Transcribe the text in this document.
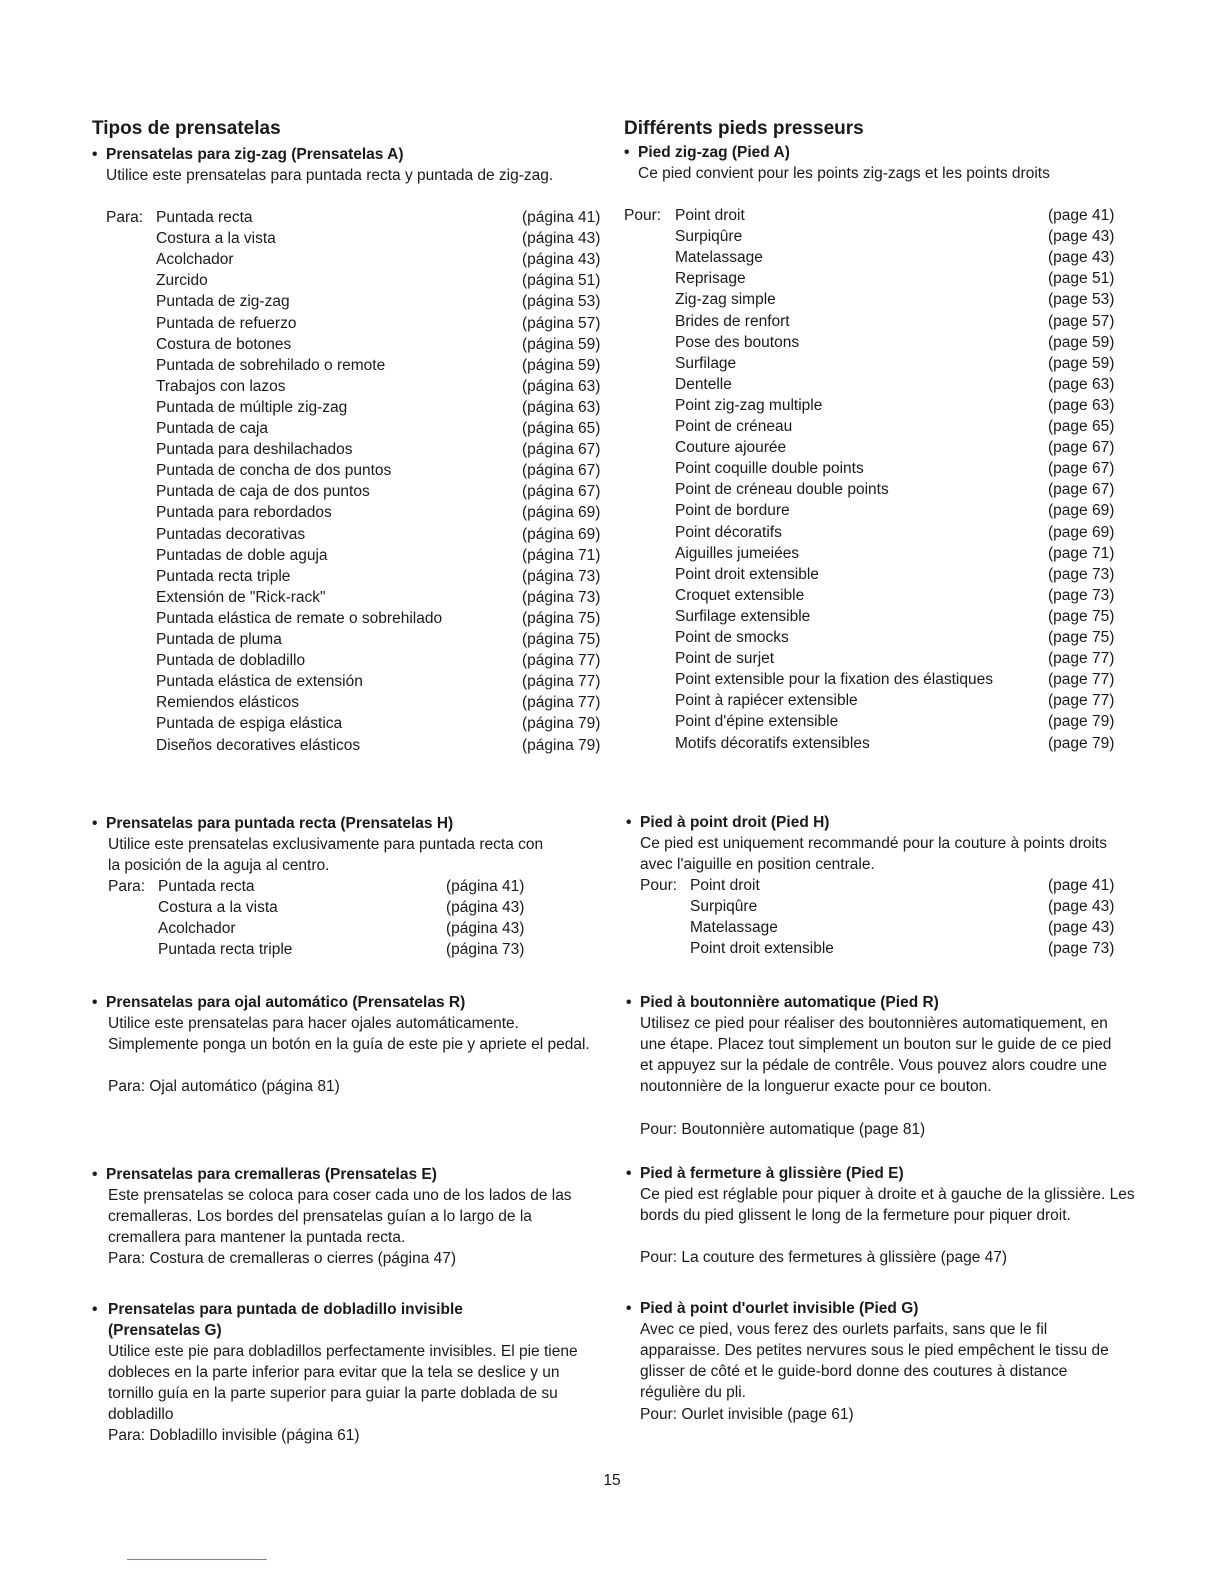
Tipos de prensatelas
• Prensatelas para zig-zag (Prensatelas A)
Utilice este prensatelas para puntada recta y puntada de zig-zag.
Para: Puntada recta	(página 41)
Costura a la vista	(página 43)
Acolchador	(página 43)
Zurcido	(página 51)
Puntada de zig-zag	(página 53)
Puntada de refuerzo	(página 57)
Costura de botones	(página 59)
Puntada de sobrehilado o remote	(página 59)
Trabajos con lazos	(página 63)
Puntada de múltiple zig-zag	(página 63)
Puntada de caja	(página 65)
Puntada para deshilachados	(página 67)
Puntada de concha de dos puntos	(página 67)
Puntada de caja de dos puntos	(página 67)
Puntada para rebordados	(página 69)
Puntadas decorativas	(página 69)
Puntadas de doble aguja	(página 71)
Puntada recta triple	(página 73)
Extensión de "Rick-rack"	(página 73)
Puntada elástica de remate o sobrehilado	(página 75)
Puntada de pluma	(página 75)
Puntada de dobladillo	(página 77)
Puntada elástica de extensión	(página 77)
Remiendos elásticos	(página 77)
Puntada de espiga elástica	(página 79)
Diseños decoratives elásticos	(página 79)
• Prensatelas para puntada recta (Prensatelas H)
Utilice este prensatelas exclusivamente para puntada recta con la posición de la aguja al centro.
Para: Puntada recta	(página 41)
Costura a la vista	(página 43)
Acolchador	(página 43)
Puntada recta triple	(página 73)
• Prensatelas para ojal automático (Prensatelas R)
Utilice este prensatelas para hacer ojales automáticamente. Simplemente ponga un botón en la guía de este pie y apriete el pedal.
Para: Ojal automático (página 81)
• Prensatelas para cremalleras (Prensatelas E)
Este prensatelas se coloca para coser cada uno de los lados de las cremalleras. Los bordes del prensatelas guían a lo largo de la cremallera para mantener la puntada recta.
Para: Costura de cremalleras o cierres (página 47)
• Prensatelas para puntada de dobladillo invisible (Prensatelas G)
Utilice este pie para dobladillos perfectamente invisibles. El pie tiene dobleces en la parte inferior para evitar que la tela se deslice y un tornillo guía en la parte superior para guiar la parte doblada de su dobladillo
Para: Dobladillo invisible (página 61)
Différents pieds presseurs
• Pied zig-zag (Pied A)
Ce pied convient pour les points zig-zags et les points droits
Pour: Point droit	(page 41)
Surpiqûre	(page 43)
Matelassage	(page 43)
Reprisage	(page 51)
Zig-zag simple	(page 53)
Brides de renfort	(page 57)
Pose des boutons	(page 59)
Surfilage	(page 59)
Dentelle	(page 63)
Point zig-zag multiple	(page 63)
Point de créneau	(page 65)
Couture ajourée	(page 67)
Point coquille double points	(page 67)
Point de créneau double points	(page 67)
Point de bordure	(page 69)
Point décoratifs	(page 69)
Aiguilles jumeiées	(page 71)
Point droit extensible	(page 73)
Croquet extensible	(page 73)
Surfilage extensible	(page 75)
Point de smocks	(page 75)
Point de surjet	(page 77)
Point extensible pour la fixation des élastiques	(page 77)
Point à rapiécer extensible	(page 77)
Point d'épine extensible	(page 79)
Motifs décoratifs extensibles	(page 79)
• Pied à point droit (Pied H)
Ce pied est uniquement recommandé pour la couture à points droits avec l'aiguille en position centrale.
Pour: Point droit	(page 41)
Surpiqûre	(page 43)
Matelassage	(page 43)
Point droit extensible	(page 73)
• Pied à boutonnière automatique (Pied R)
Utilisez ce pied pour réaliser des boutonnières automatiquement, en une étape. Placez tout simplement un bouton sur le guide de ce pied et appuyez sur la pédale de contrêle. Vous pouvez alors coudre une noutonnière de la longuerur exacte pour ce bouton.
Pour: Boutonnière automatique (page 81)
• Pied à fermeture à glissière (Pied E)
Ce pied est réglable pour piquer à droite et à gauche de la glissière. Les bords du pied glissent le long de la fermeture pour piquer droit.
Pour: La couture des fermetures à glissière (page 47)
• Pied à point d'ourlet invisible (Pied G)
Avec ce pied, vous ferez des ourlets parfaits, sans que le fil apparaisse. Des petites nervures sous le pied empêchent le tissu de glisser de côté et le guide-bord donne des coutures à distance régulière du pli.
Pour: Ourlet invisible (page 61)
15
